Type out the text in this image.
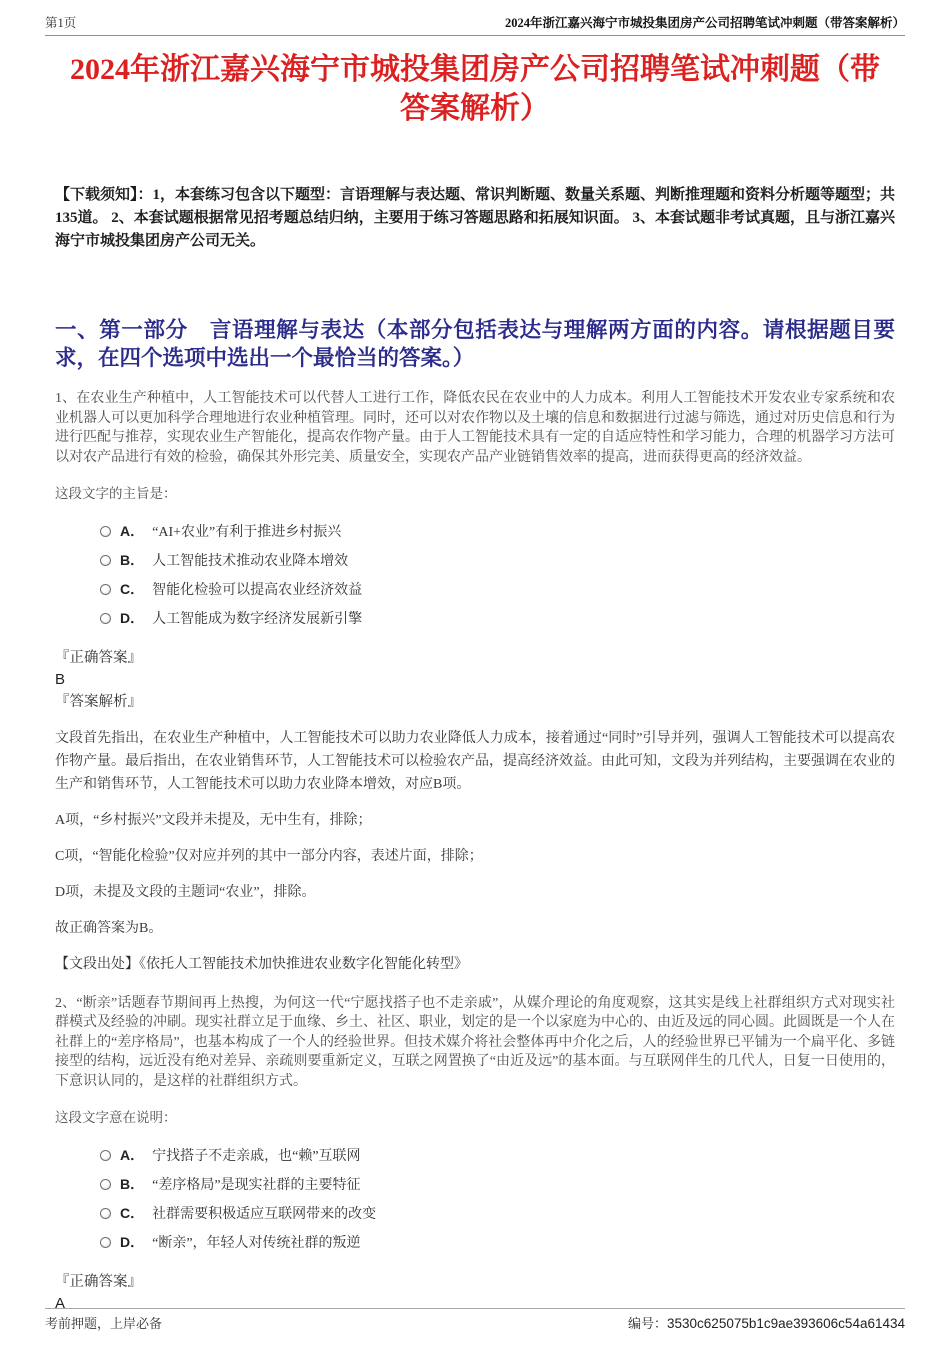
第1页	2024年浙江嘉兴海宁市城投集团房产公司招聘笔试冲刺题（带答案解析）
2024年浙江嘉兴海宁市城投集团房产公司招聘笔试冲刺题（带答案解析）

【下载须知】：1，本套练习包含以下题型：言语理解与表达题、常识判断题、数量关系题、判断推理题和资料分析题等题型；共135道。 2、本套试题根据常见招考题总结归纳，主要用于练习答题思路和拓展知识面。 3、本套试题非考试真题，且与浙江嘉兴海宁市城投集团房产公司无关。

一、第一部分　言语理解与表达（本部分包括表达与理解两方面的内容。请根据题目要求，在四个选项中选出一个最恰当的答案。）

1、在农业生产种植中，人工智能技术可以代替人工进行工作，降低农民在农业中的人力成本。利用人工智能技术开发农业专家系统和农业机器人可以更加科学合理地进行农业种植管理。同时，还可以对农作物以及土壤的信息和数据进行过滤与筛选，通过对历史信息和行为进行匹配与推荐，实现农业生产智能化，提高农作物产量。由于人工智能技术具有一定的自适应特性和学习能力，合理的机器学习方法可以对农产品进行有效的检验，确保其外形完美、质量安全，实现农产品产业链销售效率的提高，进而获得更高的经济效益。

这段文字的主旨是：

A． “AI+农业”有利于推进乡村振兴
B． 人工智能技术推动农业降本增效
C． 智能化检验可以提高农业经济效益
D． 人工智能成为数字经济发展新引擎
『正确答案』
B
『答案解析』

文段首先指出，在农业生产种植中，人工智能技术可以助力农业降低人力成本，接着通过“同时”引导并列，强调人工智能技术可以提高农作物产量。最后指出，在农业销售环节，人工智能技术可以检验农产品，提高经济效益。由此可知，文段为并列结构，主要强调在农业的生产和销售环节，人工智能技术可以助力农业降本增效，对应B项。

A项，“乡村振兴”文段并未提及，无中生有，排除；

C项，“智能化检验”仅对应并列的其中一部分内容，表述片面，排除；

D项，未提及文段的主题词“农业”，排除。

故正确答案为B。

【文段出处】《依托人工智能技术加快推进农业数字化智能化转型》

2、“断亲”话题春节期间再上热搜，为何这一代“宁愿找搭子也不走亲戚”，从媒介理论的角度观察，这其实是线上社群组织方式对现实社群模式及经验的冲刷。现实社群立足于血缘、乡土、社区、职业，划定的是一个以家庭为中心的、由近及远的同心圆。此圆既是一个人在社群上的“差序格局”，也基本构成了一个人的经验世界。但技术媒介将社会整体再中介化之后，人的经验世界已平铺为一个扁平化、多链接型的结构，远近没有绝对差异、亲疏则要重新定义，互联之网置换了“由近及远”的基本面。与互联网伴生的几代人，日复一日使用的，下意识认同的，是这样的社群组织方式。

这段文字意在说明：

A． 宁找搭子不走亲戚，也“赖”互联网
B． “差序格局”是现实社群的主要特征
C． 社群需要积极适应互联网带来的改变
D． “断亲”，年轻人对传统社群的叛逆
『正确答案』
A
考前押题，上岸必备	编号：3530c625075b1c9ae393606c54a61434
